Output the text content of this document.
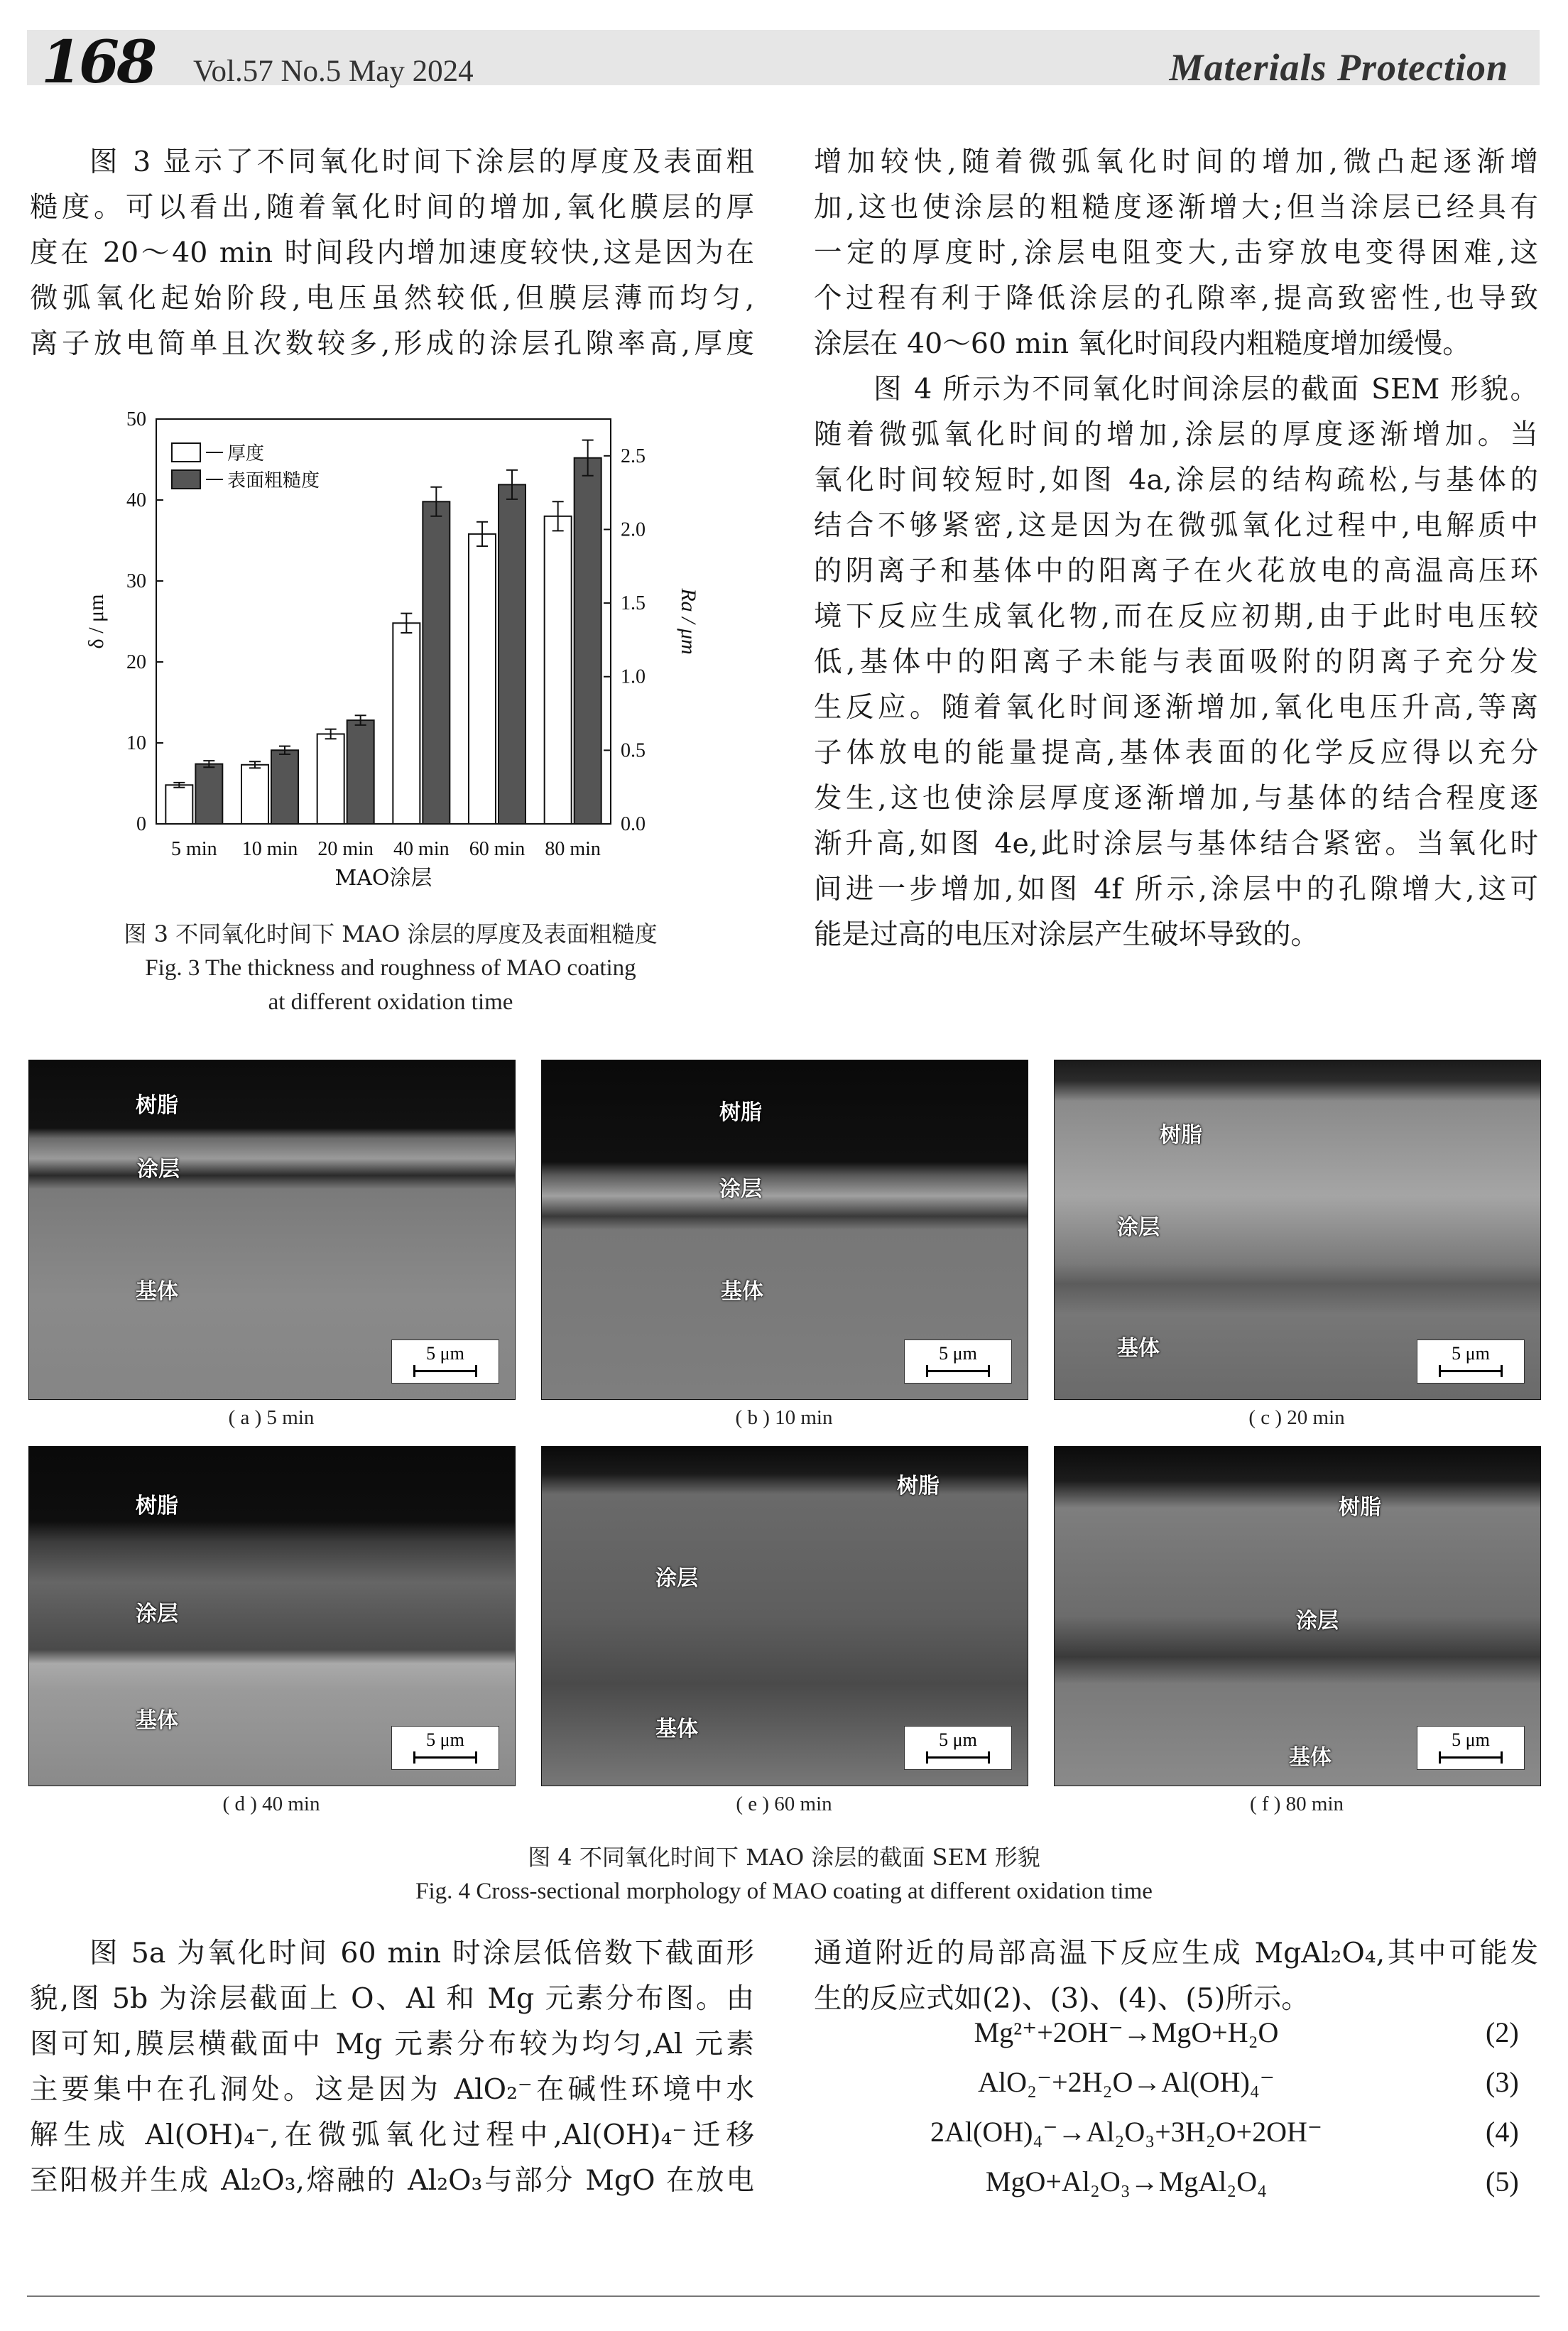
168 Vol.57 No.5 May 2024	Materials Protection
图 3 显示了不同氧化时间下涂层的厚度及表面粗
糙度。可以看出,随着氧化时间的增加,氧化膜层的厚
度在 20～40 min 时间段内增加速度较快,这是因为在
微弧氧化起始阶段,电压虽然较低,但膜层薄而均匀,
离子放电简单且次数较多,形成的涂层孔隙率高,厚度
增加较快,随着微弧氧化时间的增加,微凸起逐渐增
加,这也使涂层的粗糙度逐渐增大;但当涂层已经具有
一定的厚度时,涂层电阻变大,击穿放电变得困难,这
个过程有利于降低涂层的孔隙率,提高致密性,也导致
涂层在 40～60 min 氧化时间段内粗糙度增加缓慢。
图 4 所示为不同氧化时间涂层的截面 SEM 形貌。
随着微弧氧化时间的增加,涂层的厚度逐渐增加。当
氧化时间较短时,如图 4a,涂层的结构疏松,与基体的
结合不够紧密,这是因为在微弧氧化过程中,电解质中
的阴离子和基体中的阳离子在火花放电的高温高压环
境下反应生成氧化物,而在反应初期,由于此时电压较
低,基体中的阳离子未能与表面吸附的阴离子充分发
生反应。随着氧化时间逐渐增加,氧化电压升高,等离
子体放电的能量提高,基体表面的化学反应得以充分
发生,这也使涂层厚度逐渐增加,与基体的结合程度逐
渐升高,如图 4e,此时涂层与基体结合紧密。当氧化时
间进一步增加,如图 4f 所示,涂层中的孔隙增大,这可
能是过高的电压对涂层产生破坏导致的。
0
10
20
30
40
50
0.0
0.5
1.0
1.5
2.0
2.5
δ / μm	Ra / μm
5 min 10 min 20 min 40 min 60 min 80 min
MAO涂层
厚度
表面粗糙度
图 3 不同氧化时间下 MAO 涂层的厚度及表面粗糙度
Fig. 3 The thickness and roughness of MAO coating
at different oxidation time
树脂
涂层
基体
5 μm
( a ) 5 min
树脂
涂层
基体
5 μm
( b ) 10 min
树脂
涂层
基体	5 μm
( c ) 20 min
树脂
涂层
基体
5 μm
( d ) 40 min
树脂
涂层
基体	5 μm
( e ) 60 min
树脂
涂层
基体
5 μm
( f ) 80 min
图 4 不同氧化时间下 MAO 涂层的截面 SEM 形貌
Fig. 4 Cross-sectional morphology of MAO coating at different oxidation time
图 5a 为氧化时间 60 min 时涂层低倍数下截面形
貌,图 5b 为涂层截面上 O、Al 和 Mg 元素分布图。由
图可知,膜层横截面中 Mg 元素分布较为均匀,Al 元素
主要集中在孔洞处。这是因为 AlO₂⁻在碱性环境中水
解生成 Al(OH)₄⁻,在微弧氧化过程中,Al(OH)₄⁻迁移
至阳极并生成 Al₂O₃,熔融的 Al₂O₃与部分 MgO 在放电
通道附近的局部高温下反应生成 MgAl₂O₄,其中可能发
生的反应式如(2)、(3)、(4)、(5)所示。
Mg²⁺+2OH⁻→MgO+H₂O	(2)
AlO₂⁻+2H₂O→Al(OH)₄⁻	(3)
2Al(OH)₄⁻→Al₂O₃+3H₂O+2OH⁻	(4)
MgO+Al₂O₃→MgAl₂O₄	(5)
